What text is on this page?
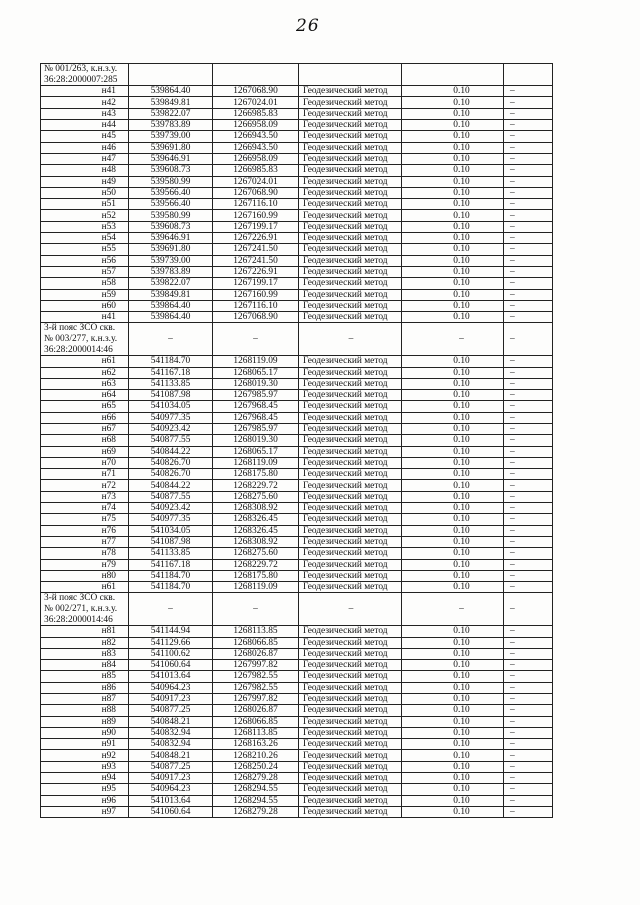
26
№ 001/263, к.н.з.у.
36:28:2000007:285					

н41	539864.40	1267068.90	Геодезический метод	0.10	–
н42	539849.81	1267024.01	Геодезический метод	0.10	–
н43	539822.07	1266985.83	Геодезический метод	0.10	–
н44	539783.89	1266958.09	Геодезический метод	0.10	–
н45	539739.00	1266943.50	Геодезический метод	0.10	–
н46	539691.80	1266943.50	Геодезический метод	0.10	–
н47	539646.91	1266958.09	Геодезический метод	0.10	–
н48	539608.73	1266985.83	Геодезический метод	0.10	–
н49	539580.99	1267024.01	Геодезический метод	0.10	–
н50	539566.40	1267068.90	Геодезический метод	0.10	–
н51	539566.40	1267116.10	Геодезический метод	0.10	–
н52	539580.99	1267160.99	Геодезический метод	0.10	–
н53	539608.73	1267199.17	Геодезический метод	0.10	–
н54	539646.91	1267226.91	Геодезический метод	0.10	–
н55	539691.80	1267241.50	Геодезический метод	0.10	–
н56	539739.00	1267241.50	Геодезический метод	0.10	–
н57	539783.89	1267226.91	Геодезический метод	0.10	–
н58	539822.07	1267199.17	Геодезический метод	0.10	–
н59	539849.81	1267160.99	Геодезический метод	0.10	–
н60	539864.40	1267116.10	Геодезический метод	0.10	–
н41	539864.40	1267068.90	Геодезический метод	0.10	–

3-й пояс ЗСО скв.
№ 003/277, к.н.з.у.
36:28:2000014:46	–	–	–	–	–
н61	541184.70	1268119.09	Геодезический метод	0.10	–
н62	541167.18	1268065.17	Геодезический метод	0.10	–
н63	541133.85	1268019.30	Геодезический метод	0.10	–
н64	541087.98	1267985.97	Геодезический метод	0.10	–
н65	541034.05	1267968.45	Геодезический метод	0.10	–
н66	540977.35	1267968.45	Геодезический метод	0.10	–
н67	540923.42	1267985.97	Геодезический метод	0.10	–
н68	540877.55	1268019.30	Геодезический метод	0.10	–
н69	540844.22	1268065.17	Геодезический метод	0.10	–
н70	540826.70	1268119.09	Геодезический метод	0.10	–
н71	540826.70	1268175.80	Геодезический метод	0.10	–
н72	540844.22	1268229.72	Геодезический метод	0.10	–
н73	540877.55	1268275.60	Геодезический метод	0.10	–
н74	540923.42	1268308.92	Геодезический метод	0.10	–
н75	540977.35	1268326.45	Геодезический метод	0.10	–
н76	541034.05	1268326.45	Геодезический метод	0.10	–
н77	541087.98	1268308.92	Геодезический метод	0.10	–
н78	541133.85	1268275.60	Геодезический метод	0.10	–
н79	541167.18	1268229.72	Геодезический метод	0.10	–
н80	541184.70	1268175.80	Геодезический метод	0.10	–
н61	541184.70	1268119.09	Геодезический метод	0.10	–

3-й пояс ЗСО скв.
№ 002/271, к.н.з.у.
36:28:2000014:46	–	–	–	–	–
н81	541144.94	1268113.85	Геодезический метод	0.10	–
н82	541129.66	1268066.85	Геодезический метод	0.10	–
н83	541100.62	1268026.87	Геодезический метод	0.10	–
н84	541060.64	1267997.82	Геодезический метод	0.10	–
н85	541013.64	1267982.55	Геодезический метод	0.10	–
н86	540964.23	1267982.55	Геодезический метод	0.10	–
н87	540917.23	1267997.82	Геодезический метод	0.10	–
н88	540877.25	1268026.87	Геодезический метод	0.10	–
н89	540848.21	1268066.85	Геодезический метод	0.10	–
н90	540832.94	1268113.85	Геодезический метод	0.10	–
н91	540832.94	1268163.26	Геодезический метод	0.10	–
н92	540848.21	1268210.26	Геодезический метод	0.10	–
н93	540877.25	1268250.24	Геодезический метод	0.10	–
н94	540917.23	1268279.28	Геодезический метод	0.10	–
н95	540964.23	1268294.55	Геодезический метод	0.10	–
н96	541013.64	1268294.55	Геодезический метод	0.10	–
н97	541060.64	1268279.28	Геодезический метод	0.10	–
